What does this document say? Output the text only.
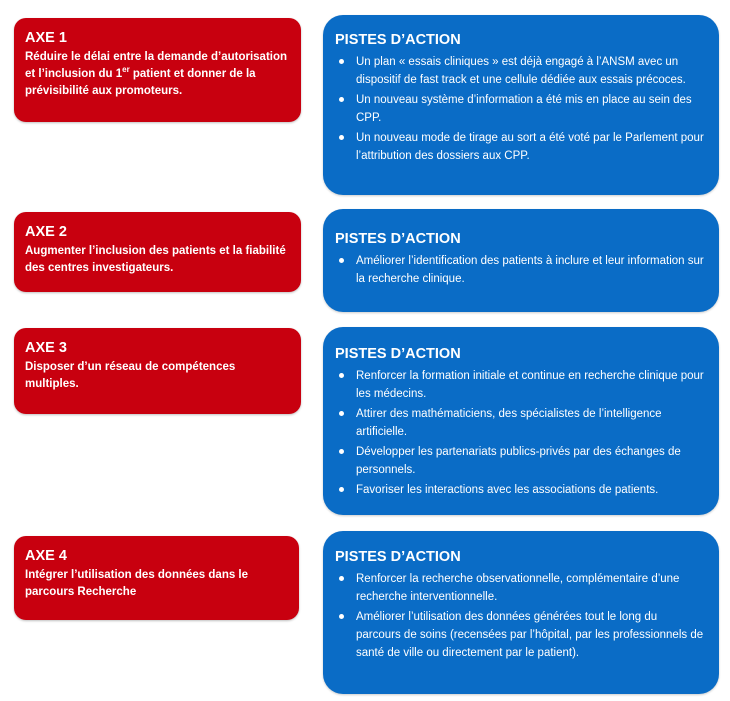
AXE 1
Réduire le délai entre la demande d’autorisation et l’inclusion du 1er patient et donner de la prévisibilité aux promoteurs.
PISTES D’ACTION
Un plan « essais cliniques » est déjà engagé à l’ANSM avec un dispositif de fast track et une cellule dédiée aux essais précoces.
Un nouveau système d’information a été mis en place au sein des CPP.
Un nouveau mode de tirage au sort a été voté par le Parlement pour l’attribution des dossiers aux CPP.
AXE 2
Augmenter l’inclusion des patients et la fiabilité des centres investigateurs.
PISTES D’ACTION
Améliorer l’identification des patients à inclure et leur information sur la recherche clinique.
AXE 3
Disposer d’un réseau de compétences multiples.
PISTES D’ACTION
Renforcer la formation initiale et continue en recherche clinique pour les médecins.
Attirer des mathématiciens, des spécialistes de l’intelligence artificielle.
Développer les partenariats publics-privés par des échanges de personnels.
Favoriser les interactions avec les associations de patients.
AXE 4
Intégrer l’utilisation des données dans le parcours Recherche
PISTES D’ACTION
Renforcer la recherche observationnelle, complémentaire d’une recherche interventionnelle.
Améliorer l’utilisation des données générées tout le long du parcours de soins (recensées par l’hôpital, par les professionnels de santé de ville ou directement par le patient).
